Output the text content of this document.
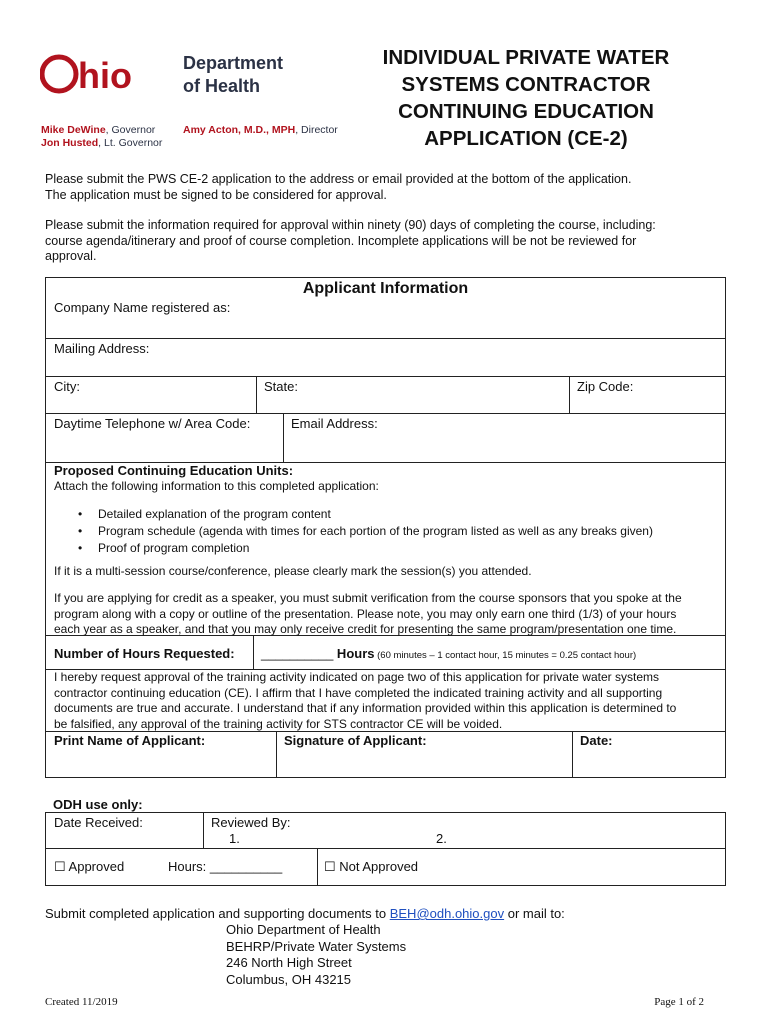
hio	Department
of Health
Mike DeWine, Governor
Jon Husted, Lt. Governor
Amy Acton, M.D., MPH, Director
INDIVIDUAL PRIVATE WATER
SYSTEMS CONTRACTOR
CONTINUING EDUCATION
APPLICATION (CE-2)
Please submit the PWS CE-2 application to the address or email provided at the bottom of the application.
The application must be signed to be considered for approval.
Please submit the information required for approval within ninety (90) days of completing the course, including:
course agenda/itinerary and proof of course completion. Incomplete applications will be not be reviewed for
approval.
Applicant Information
Company Name registered as:
Mailing Address:
City:	State:	Zip Code:
Daytime Telephone w/ Area Code:	Email Address:
Proposed Continuing Education Units:
Attach the following information to this completed application:
If it is a multi-session course/conference, please clearly mark the session(s) you attended.
If you are applying for credit as a speaker, you must submit verification from the course sponsors that you spoke at the
program along with a copy or outline of the presentation. Please note, you may only earn one third (1/3) of your hours
each year as a speaker, and that you may only receive credit for presenting the same program/presentation one time.
• Detailed explanation of the program content
• Program schedule (agenda with times for each portion of the program listed as well as any breaks given)
• Proof of program completion
Number of Hours Requested: __________ Hours (60 minutes – 1 contact hour, 15 minutes = 0.25 contact hour)
I hereby request approval of the training activity indicated on page two of this application for private water systems
contractor continuing education (CE). I affirm that I have completed the indicated training activity and all supporting
documents are true and accurate. I understand that if any information provided within this application is determined to
be falsified, any approval of the training activity for STS contractor CE will be voided.
Print Name of Applicant:	Signature of Applicant:	Date:
ODH use only:
Date Received:	Reviewed By:
1.	2.
☐ Approved	Hours: __________	☐ Not Approved
Submit completed application and supporting documents to BEH@odh.ohio.gov or mail to:
Ohio Department of Health
BEHRP/Private Water Systems
246 North High Street
Columbus, OH 43215
Created 11/2019	Page 1 of 2
